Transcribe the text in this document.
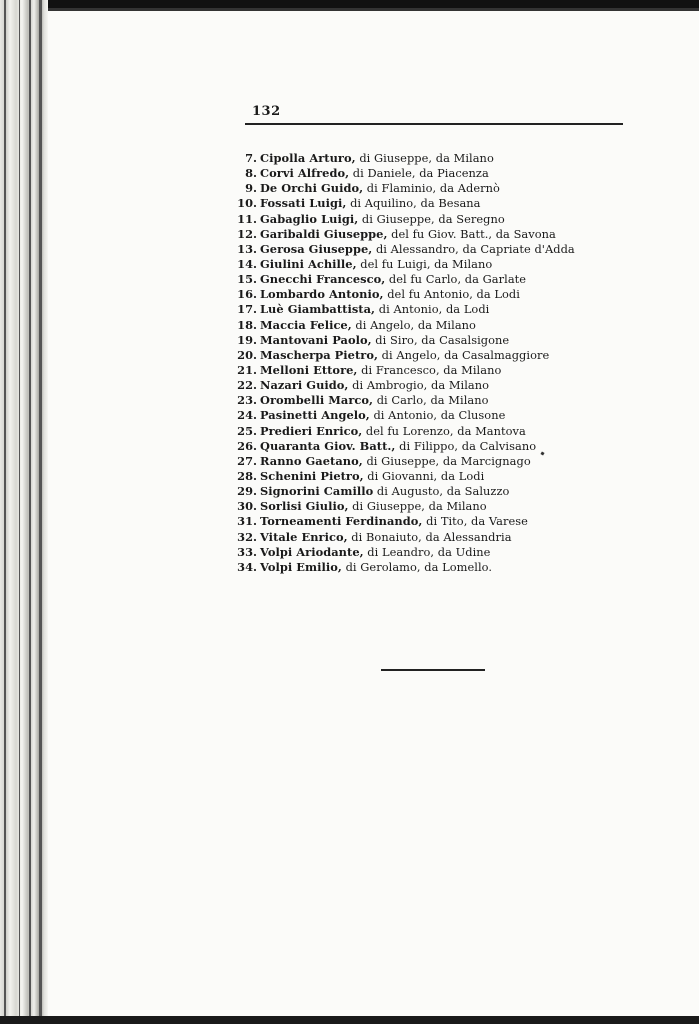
132
7. Cipolla Arturo, di Giuseppe, da Milano
8. Corvi Alfredo, di Daniele, da Piacenza
9. De Orchi Guido, di Flaminio, da Adernò
10. Fossati Luigi, di Aquilino, da Besana
11. Gabaglio Luigi, di Giuseppe, da Seregno
12. Garibaldi Giuseppe, del fu Giov. Batt., da Savona
13. Gerosa Giuseppe, di Alessandro, da Capriate d'Adda
14. Giulini Achille, del fu Luigi, da Milano
15. Gnecchi Francesco, del fu Carlo, da Garlate
16. Lombardo Antonio, del fu Antonio, da Lodi
17. Luè Giambattista, di Antonio, da Lodi
18. Maccia Felice, di Angelo, da Milano
19. Mantovani Paolo, di Siro, da Casalsigone
20. Mascherpa Pietro, di Angelo, da Casalmaggiore
21. Melloni Ettore, di Francesco, da Milano
22. Nazari Guido, di Ambrogio, da Milano
23. Orombelli Marco, di Carlo, da Milano
24. Pasinetti Angelo, di Antonio, da Clusone
25. Predieri Enrico, del fu Lorenzo, da Mantova
26. Quaranta Giov. Batt., di Filippo, da Calvisano
27. Ranno Gaetano, di Giuseppe, da Marcignago
28. Schenini Pietro, di Giovanni, da Lodi
29. Signorini Camillo di Augusto, da Saluzzo
30. Sorlisi Giulio, di Giuseppe, da Milano
31. Torneamenti Ferdinando, di Tito, da Varese
32. Vitale Enrico, di Bonaiuto, da Alessandria
33. Volpi Ariodante, di Leandro, da Udine
34. Volpi Emilio, di Gerolamo, da Lomello.
